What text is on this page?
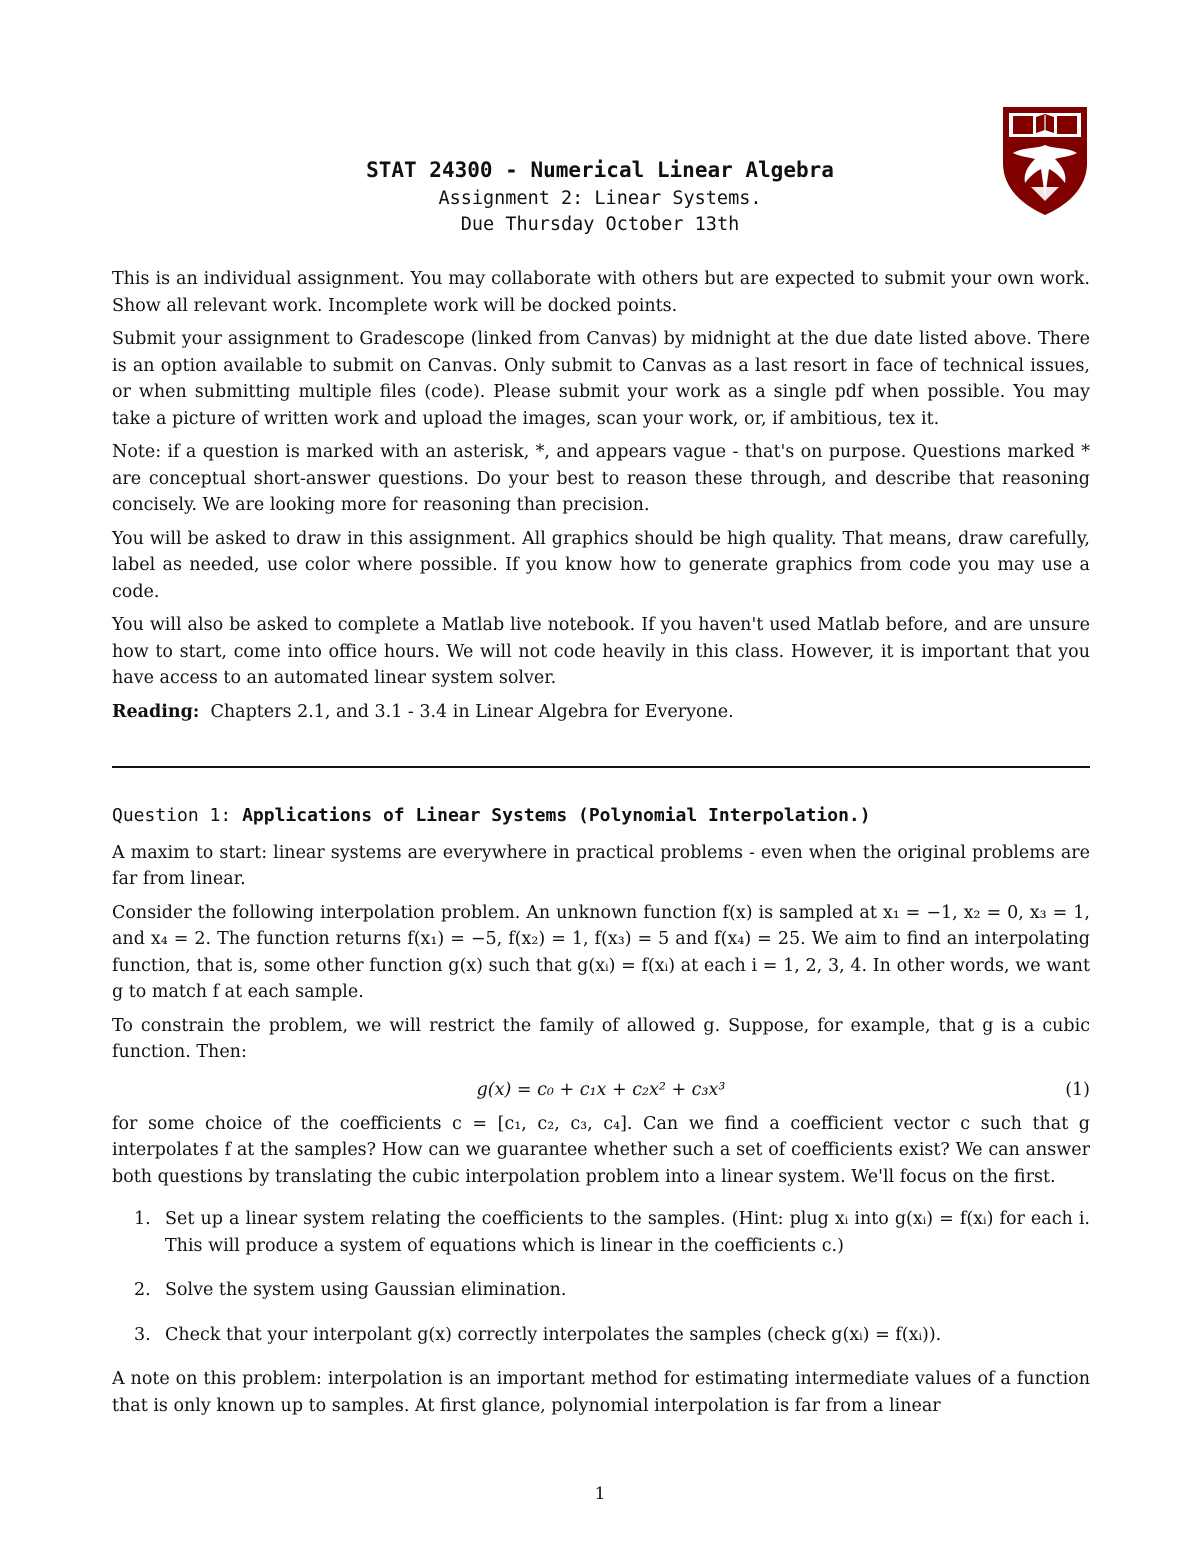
STAT 24300 - Numerical Linear Algebra
Assignment 2: Linear Systems.
Due Thursday October 13th

This is an individual assignment. You may collaborate with others but are expected to submit your own work. Show all relevant work. Incomplete work will be docked points.

Submit your assignment to Gradescope (linked from Canvas) by midnight at the due date listed above. There is an option available to submit on Canvas. Only submit to Canvas as a last resort in face of technical issues, or when submitting multiple files (code). Please submit your work as a single pdf when possible. You may take a picture of written work and upload the images, scan your work, or, if ambitious, tex it.

Note: if a question is marked with an asterisk, *, and appears vague - that's on purpose. Questions marked * are conceptual short-answer questions. Do your best to reason these through, and describe that reasoning concisely. We are looking more for reasoning than precision.

You will be asked to draw in this assignment. All graphics should be high quality. That means, draw carefully, label as needed, use color where possible. If you know how to generate graphics from code you may use a code.

You will also be asked to complete a Matlab live notebook. If you haven't used Matlab before, and are unsure how to start, come into office hours. We will not code heavily in this class. However, it is important that you have access to an automated linear system solver.

Reading: Chapters 2.1, and 3.1 - 3.4 in Linear Algebra for Everyone.

Question 1: Applications of Linear Systems (Polynomial Interpolation.)

A maxim to start: linear systems are everywhere in practical problems - even when the original problems are far from linear.

Consider the following interpolation problem. An unknown function f(x) is sampled at x₁ = −1, x₂ = 0, x₃ = 1, and x₄ = 2. The function returns f(x₁) = −5, f(x₂) = 1, f(x₃) = 5 and f(x₄) = 25. We aim to find an interpolating function, that is, some other function g(x) such that g(xᵢ) = f(xᵢ) at each i = 1, 2, 3, 4. In other words, we want g to match f at each sample.

To constrain the problem, we will restrict the family of allowed g. Suppose, for example, that g is a cubic function. Then:

g(x) = c₀ + c₁x + c₂x² + c₃x³	(1)

for some choice of the coefficients c = [c₁, c₂, c₃, c₄]. Can we find a coefficient vector c such that g interpolates f at the samples? How can we guarantee whether such a set of coefficients exist? We can answer both questions by translating the cubic interpolation problem into a linear system. We'll focus on the first.

1. Set up a linear system relating the coefficients to the samples. (Hint: plug xᵢ into g(xᵢ) = f(xᵢ) for each i. This will produce a system of equations which is linear in the coefficients c.)
2. Solve the system using Gaussian elimination.
3. Check that your interpolant g(x) correctly interpolates the samples (check g(xᵢ) = f(xᵢ)).

A note on this problem: interpolation is an important method for estimating intermediate values of a function that is only known up to samples. At first glance, polynomial interpolation is far from a linear

1
